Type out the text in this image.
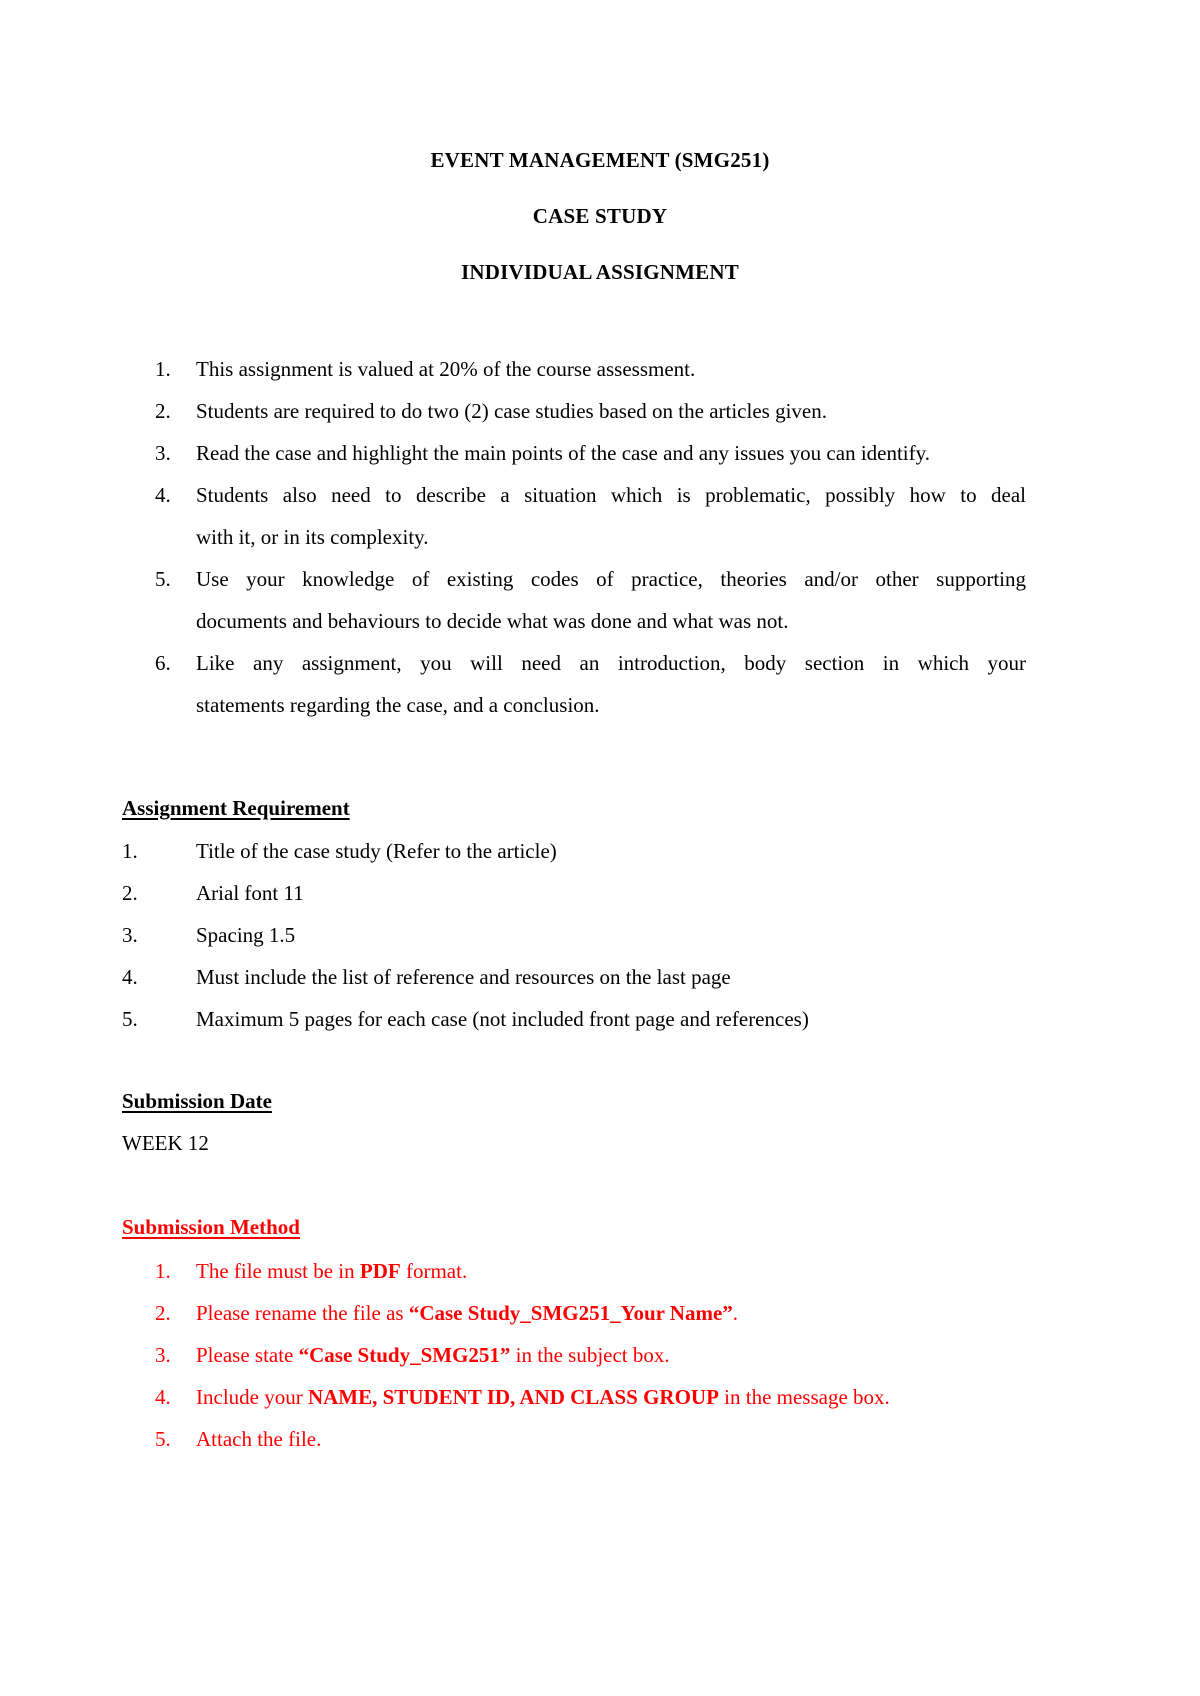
EVENT MANAGEMENT (SMG251)
CASE STUDY
INDIVIDUAL ASSIGNMENT
1.	This assignment is valued at 20% of the course assessment.
2.	Students are required to do two (2) case studies based on the articles given.
3.	Read the case and highlight the main points of the case and any issues you can identify.
4.	Students also need to describe a situation which is problematic, possibly how to deal
with it, or in its complexity.
5.	Use your knowledge of existing codes of practice, theories and/or other supporting
documents and behaviours to decide what was done and what was not.
6.	Like any assignment, you will need an introduction, body section in which your
statements regarding the case, and a conclusion.
Assignment Requirement
1.	Title of the case study (Refer to the article)
2.	Arial font 11
3.	Spacing 1.5
4.	Must include the list of reference and resources on the last page
5.	Maximum 5 pages for each case (not included front page and references)
Submission Date
WEEK 12
Submission Method
1.	The file must be in PDF format.
2.	Please rename the file as “Case Study_SMG251_Your Name”.
3.	Please state “Case Study_SMG251” in the subject box.
4.	Include your NAME, STUDENT ID, AND CLASS GROUP in the message box.
5.	Attach the file.
